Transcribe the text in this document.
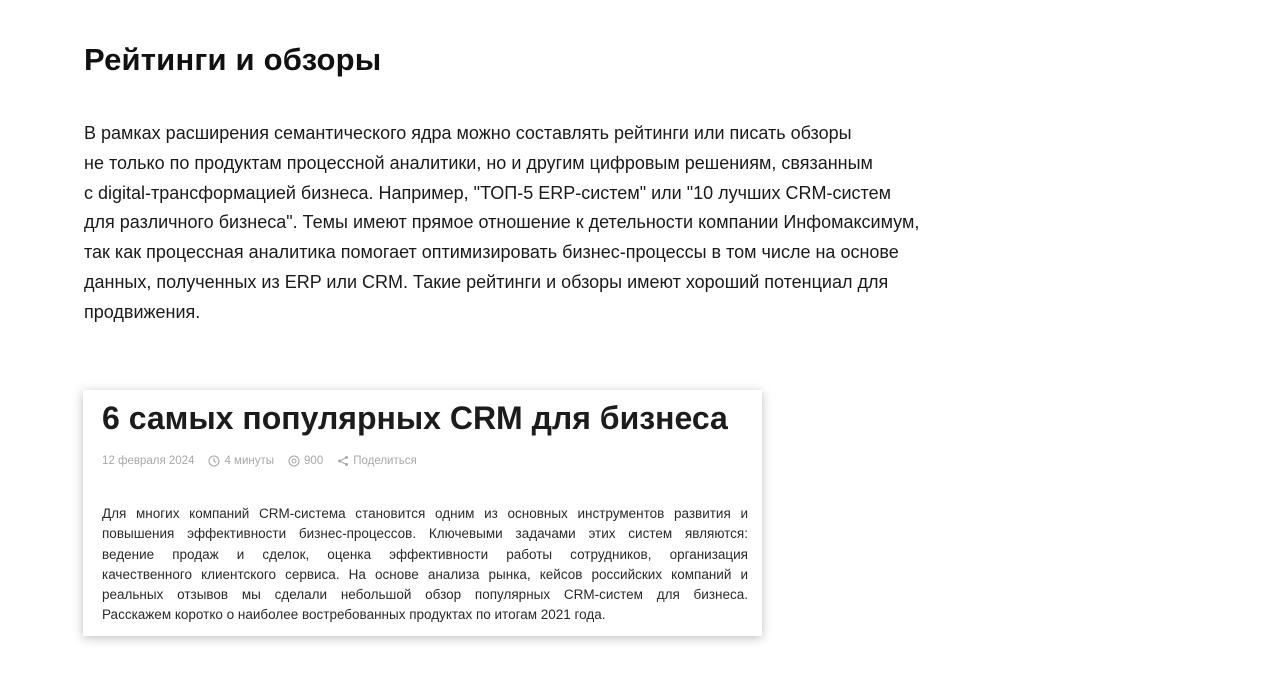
Рейтинги и обзоры
В рамках расширения семантического ядра можно составлять рейтинги или писать обзоры
не только по продуктам процессной аналитики, но и другим цифровым решениям, связанным
с digital-трансформацией бизнеса. Например, "ТОП-5 ERP-систем" или "10 лучших CRM-систем
для различного бизнеса". Темы имеют прямое отношение к детельности компании Инфомаксимум,
так как процессная аналитика помогает оптимизировать бизнес-процессы в том числе на основе
данных, полученных из ERP или CRM. Такие рейтинги и обзоры имеют хороший потенциал для
продвижения.
6 самых популярных CRM для бизнеса
12 февраля 2024	4 минуты	900	Поделиться
Для многих компаний CRM-система становится одним из основных инструментов развития и
повышения эффективности бизнес-процессов. Ключевыми задачами этих систем являются:
ведение продаж и сделок, оценка эффективности работы сотрудников, организация
качественного клиентского сервиса. На основе анализа рынка, кейсов российских компаний и
реальных отзывов мы сделали небольшой обзор популярных CRM-систем для бизнеса.
Расскажем коротко о наиболее востребованных продуктах по итогам 2021 года.
